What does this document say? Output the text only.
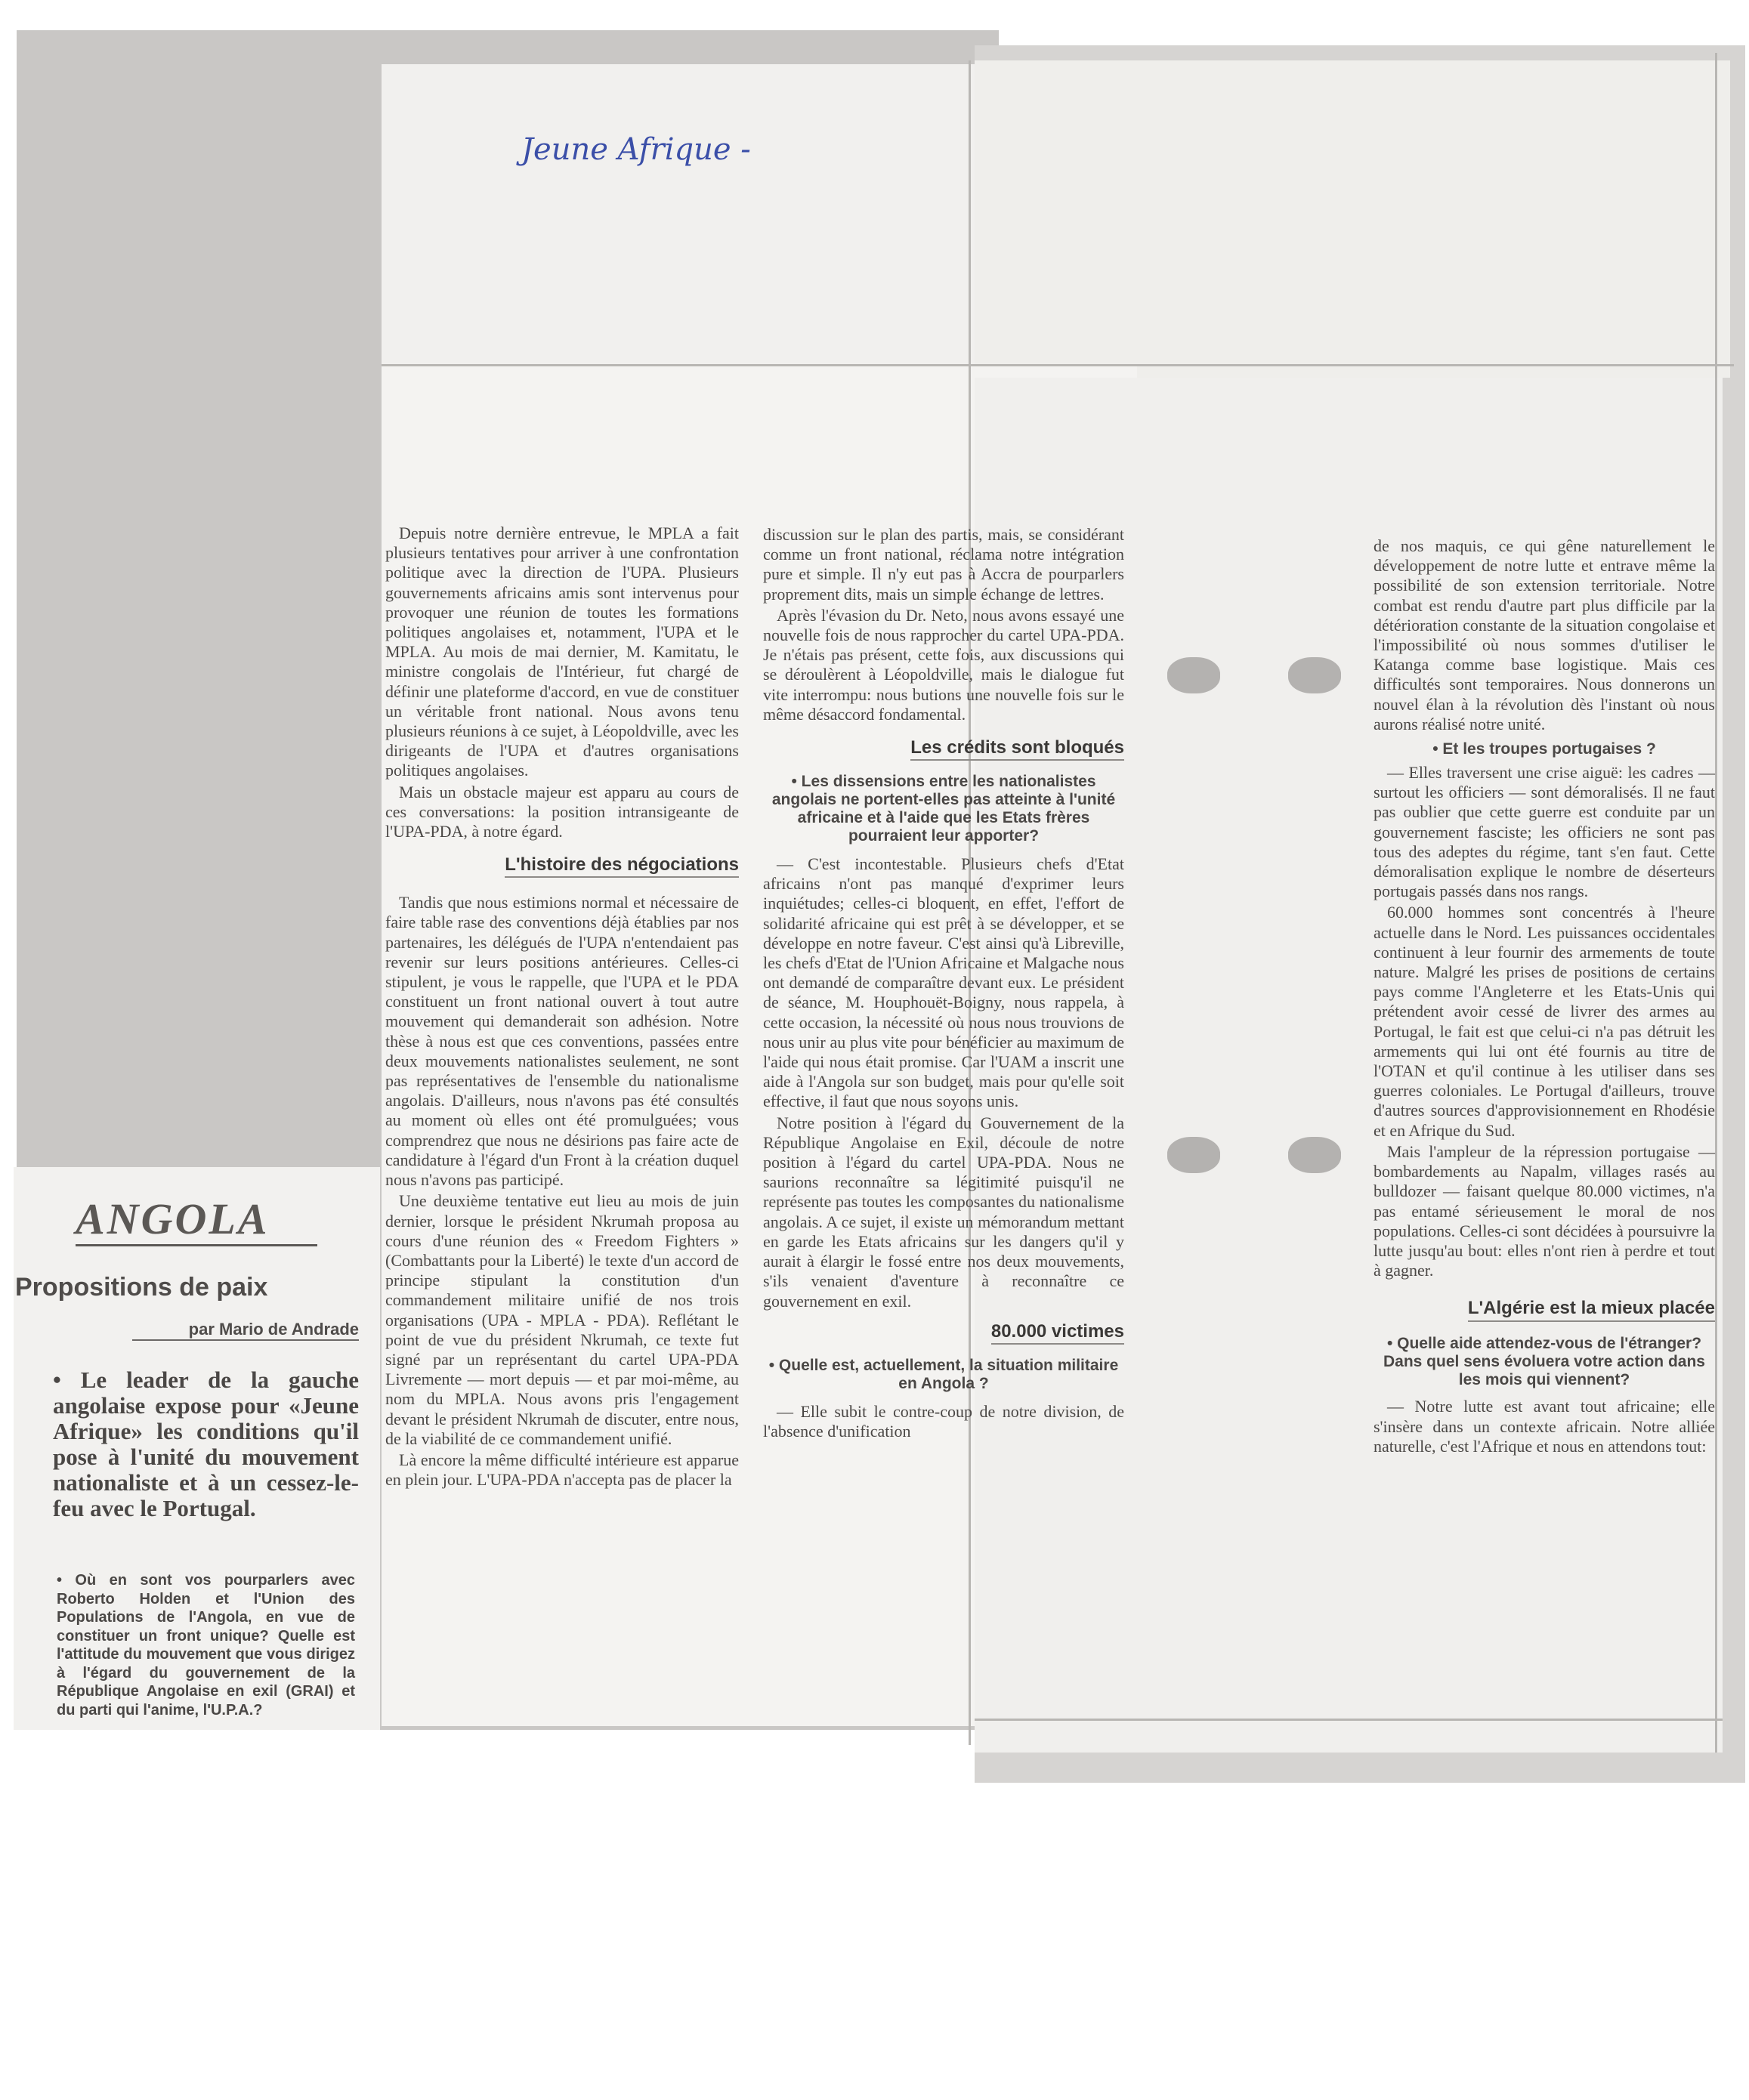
Jeune Afrique -
ANGOLA
Propositions de paix
par Mario de Andrade
• Le leader de la gauche angolaise expose pour «Jeune Afrique» les conditions qu'il pose à l'unité du mouvement nationaliste et à un cessez-le-feu avec le Portugal.
• Où en sont vos pourparlers avec Roberto Holden et l'Union des Populations de l'Angola, en vue de constituer un front unique? Quelle est l'attitude du mouvement que vous dirigez à l'égard du gouvernement de la République Angolaise en exil (GRAI) et du parti qui l'anime, l'U.P.A.?

Depuis notre dernière entrevue, le MPLA a fait plusieurs tentatives pour arriver à une confrontation politique avec la direction de l'UPA. Plusieurs gouvernements africains amis sont intervenus pour provoquer une réunion de toutes les formations politiques angolaises et, notamment, l'UPA et le MPLA. Au mois de mai dernier, M. Kamitatu, le ministre congolais de l'Intérieur, fut chargé de définir une plateforme d'accord, en vue de constituer un véritable front national. Nous avons tenu plusieurs réunions à ce sujet, à Léopoldville, avec les dirigeants de l'UPA et d'autres organisations politiques angolaises.

Mais un obstacle majeur est apparu au cours de ces conversations: la position intransigeante de l'UPA-PDA, à notre égard.

L'histoire des négociations

Tandis que nous estimions normal et nécessaire de faire table rase des conventions déjà établies par nos partenaires, les délégués de l'UPA n'entendaient pas revenir sur leurs positions antérieures. Celles-ci stipulent, je vous le rappelle, que l'UPA et le PDA constituent un front national ouvert à tout autre mouvement qui demanderait son adhésion. Notre thèse à nous est que ces conventions, passées entre deux mouvements nationalistes seulement, ne sont pas représentatives de l'ensemble du nationalisme angolais. D'ailleurs, nous n'avons pas été consultés au moment où elles ont été promulguées; vous comprendrez que nous ne désirions pas faire acte de candidature à l'égard d'un Front à la création duquel nous n'avons pas participé.

Une deuxième tentative eut lieu au mois de juin dernier, lorsque le président Nkrumah proposa au cours d'une réunion des « Freedom Fighters » (Combattants pour la Liberté) le texte d'un accord de principe stipulant la constitution d'un commandement militaire unifié de nos trois organisations (UPA - MPLA - PDA). Reflétant le point de vue du président Nkrumah, ce texte fut signé par un représentant du cartel UPA-PDA Livremente — mort depuis — et par moi-même, au nom du MPLA. Nous avons pris l'engagement devant le président Nkrumah de discuter, entre nous, de la viabilité de ce commandement unifié.

Là encore la même difficulté intérieure est apparue en plein jour. L'UPA-PDA n'accepta pas de placer la

discussion sur le plan des partis, mais, se considérant comme un front national, réclama notre intégration pure et simple. Il n'y eut pas à Accra de pourparlers proprement dits, mais un simple échange de lettres.

Après l'évasion du Dr. Neto, nous avons essayé une nouvelle fois de nous rapprocher du cartel UPA-PDA. Je n'étais pas présent, cette fois, aux discussions qui se déroulèrent à Léopoldville, mais le dialogue fut vite interrompu: nous butions une nouvelle fois sur le même désaccord fondamental.

Les crédits sont bloqués
• Les dissensions entre les nationalistes angolais ne portent-elles pas atteinte à l'unité africaine et à l'aide que les Etats frères pourraient leur apporter?

— C'est incontestable. Plusieurs chefs d'Etat africains n'ont pas manqué d'exprimer leurs inquiétudes; celles-ci bloquent, en effet, l'effort de solidarité africaine qui est prêt à se développer, et se développe en notre faveur. C'est ainsi qu'à Libreville, les chefs d'Etat de l'Union Africaine et Malgache nous ont demandé de comparaître devant eux. Le président de séance, M. Houphouët-Boigny, nous rappela, à cette occasion, la nécessité où nous nous trouvions de nous unir au plus vite pour bénéficier au maximum de l'aide qui nous était promise. Car l'UAM a inscrit une aide à l'Angola sur son budget, mais pour qu'elle soit effective, il faut que nous soyons unis.

Notre position à l'égard du Gouvernement de la République Angolaise en Exil, découle de notre position à l'égard du cartel UPA-PDA. Nous ne saurions reconnaître sa légitimité puisqu'il ne représente pas toutes les composantes du nationalisme angolais. A ce sujet, il existe un mémorandum mettant en garde les Etats africains sur les dangers qu'il y aurait à élargir le fossé entre nos deux mouvements, s'ils venaient d'aventure à reconnaître ce gouvernement en exil.

80.000 victimes
• Quelle est, actuellement, la situation militaire en Angola ?

— Elle subit le contre-coup de notre division, de l'absence d'unification

de nos maquis, ce qui gêne naturellement le développement de notre lutte et entrave même la possibilité de son extension territoriale. Notre combat est rendu d'autre part plus difficile par la détérioration constante de la situation congolaise et l'impossibilité où nous sommes d'utiliser le Katanga comme base logistique. Mais ces difficultés sont temporaires. Nous donnerons un nouvel élan à la révolution dès l'instant où nous aurons réalisé notre unité.

• Et les troupes portugaises ?

— Elles traversent une crise aiguë: les cadres — surtout les officiers — sont démoralisés. Il ne faut pas oublier que cette guerre est conduite par un gouvernement fasciste; les officiers ne sont pas tous des adeptes du régime, tant s'en faut. Cette démoralisation explique le nombre de déserteurs portugais passés dans nos rangs.

60.000 hommes sont concentrés à l'heure actuelle dans le Nord. Les puissances occidentales continuent à leur fournir des armements de toute nature. Malgré les prises de positions de certains pays comme l'Angleterre et les Etats-Unis qui prétendent avoir cessé de livrer des armes au Portugal, le fait est que celui-ci n'a pas détruit les armements qui lui ont été fournis au titre de l'OTAN et qu'il continue à les utiliser dans ses guerres coloniales. Le Portugal d'ailleurs, trouve d'autres sources d'approvisionnement en Rhodésie et en Afrique du Sud.

Mais l'ampleur de la répression portugaise — bombardements au Napalm, villages rasés au bulldozer — faisant quelque 80.000 victimes, n'a pas entamé sérieusement le moral de nos populations. Celles-ci sont décidées à poursuivre la lutte jusqu'au bout: elles n'ont rien à perdre et tout à gagner.

L'Algérie est la mieux placée
• Quelle aide attendez-vous de l'étranger? Dans quel sens évoluera votre action dans les mois qui viennent?

— Notre lutte est avant tout africaine; elle s'insère dans un contexte africain. Notre alliée naturelle, c'est l'Afrique et nous en attendons tout:
